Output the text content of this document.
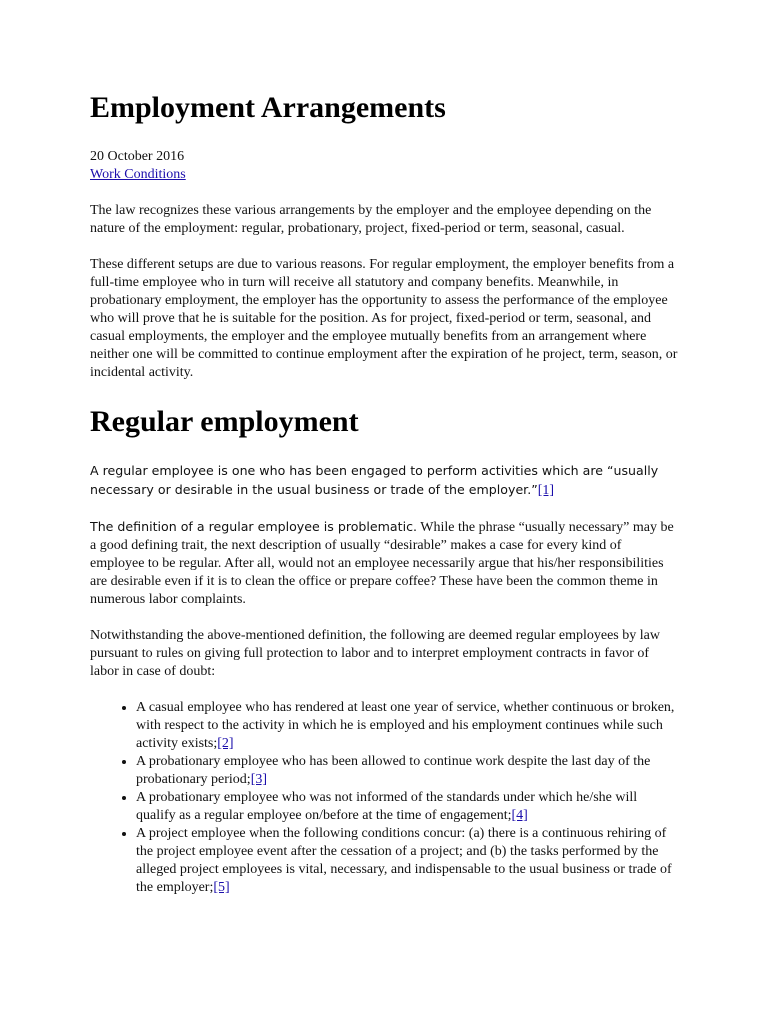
Employment Arrangements
20 October 2016
Work Conditions

The law recognizes these various arrangements by the employer and the employee depending on the nature of the employment: regular, probationary, project, fixed-period or term, seasonal, casual.

These different setups are due to various reasons. For regular employment, the employer benefits from a full-time employee who in turn will receive all statutory and company benefits. Meanwhile, in probationary employment, the employer has the opportunity to assess the performance of the employee who will prove that he is suitable for the position. As for project, fixed-period or term, seasonal, and casual employments, the employer and the employee mutually benefits from an arrangement where neither one will be committed to continue employment after the expiration of he project, term, season, or incidental activity.

Regular employment

A regular employee is one who has been engaged to perform activities which are “usually necessary or desirable in the usual business or trade of the employer.”[1]

The definition of a regular employee is problematic. While the phrase “usually necessary” may be a good defining trait, the next description of usually “desirable” makes a case for every kind of employee to be regular. After all, would not an employee necessarily argue that his/her responsibilities are desirable even if it is to clean the office or prepare coffee? These have been the common theme in numerous labor complaints.

Notwithstanding the above-mentioned definition, the following are deemed regular employees by law pursuant to rules on giving full protection to labor and to interpret employment contracts in favor of labor in case of doubt:

• A casual employee who has rendered at least one year of service, whether continuous or broken, with respect to the activity in which he is employed and his employment continues while such activity exists;[2]
• A probationary employee who has been allowed to continue work despite the last day of the probationary period;[3]
• A probationary employee who was not informed of the standards under which he/she will qualify as a regular employee on/before at the time of engagement;[4]
• A project employee when the following conditions concur: (a) there is a continuous rehiring of the project employee event after the cessation of a project; and (b) the tasks performed by the alleged project employees is vital, necessary, and indispensable to the usual business or trade of the employer;[5]
